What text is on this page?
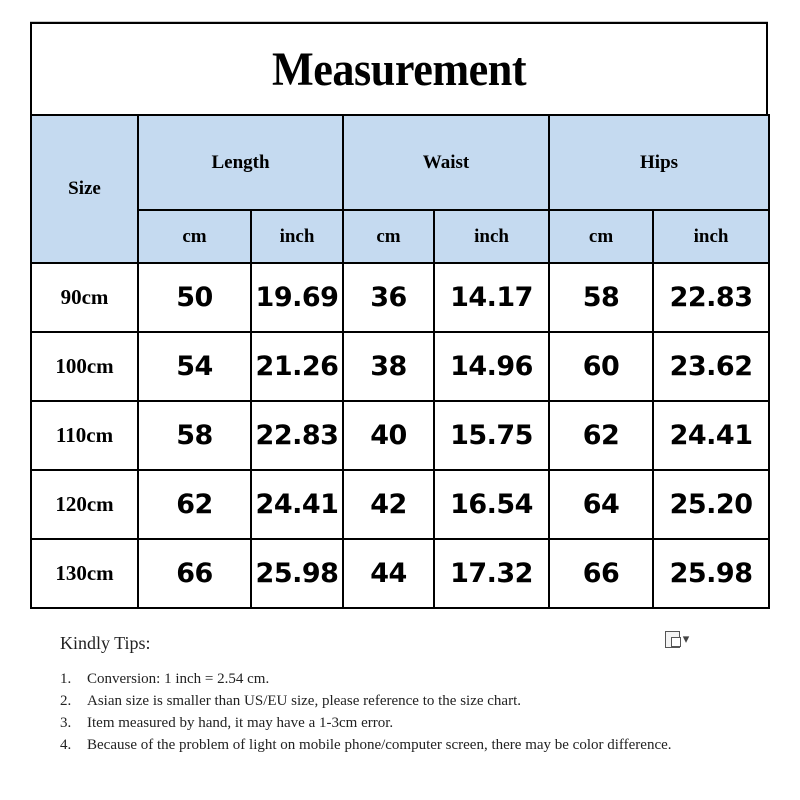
Measurement
Size	Length		Waist		Hips	
	cm	inch	cm	inch	cm	inch
90cm	50	19.69	36	14.17	58	22.83
100cm	54	21.26	38	14.96	60	23.62
110cm	58	22.83	40	15.75	62	24.41
120cm	62	24.41	42	16.54	64	25.20
130cm	66	25.98	44	17.32	66	25.98
▾
Kindly Tips:
1.	Conversion: 1 inch = 2.54 cm.
2.	Asian size is smaller than US/EU size, please reference to the size chart.
3.	Item measured by hand, it may have a 1-3cm error.
4.	Because of the problem of light on mobile phone/computer screen, there may be color difference.
